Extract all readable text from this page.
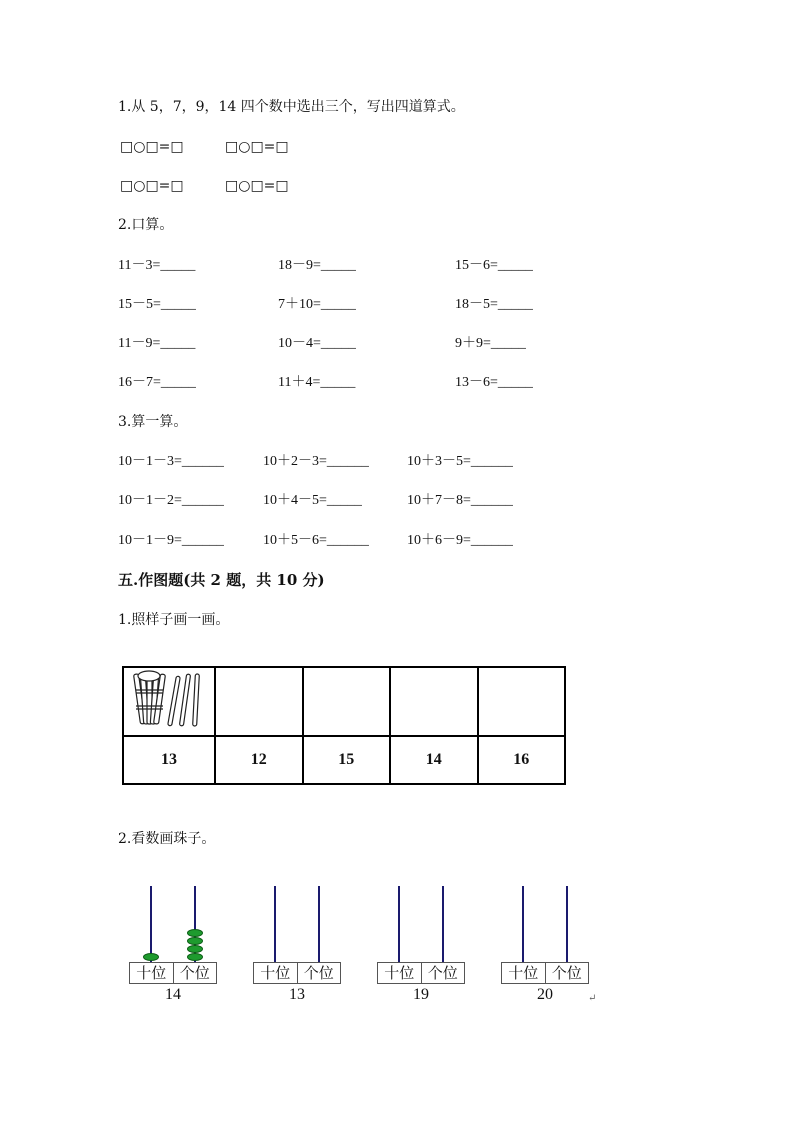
1.从 5，7，9，14 四个数中选出三个，写出四道算式。
□○□=□	□○□=□
□○□=□	□○□=□
2.口算。
11－3=_____	18－9=_____	15－6=_____
15－5=_____	7＋10=_____	18－5=_____
11－9=_____	10－4=_____	9＋9=_____
16－7=_____	11＋4=_____	13－6=_____
3.算一算。
10－1－3=______	10＋2－3=______	10＋3－5=______
10－1－2=______	10＋4－5=_____	10＋7－8=______
10－1－9=______	10＋5－6=______	10＋6－9=______
五.作图题(共 2 题，共 10 分)
1.照样子画一画。

13	12	15	14	16
2.看数画珠子。
十位 个位
14
十位 个位
13
十位 个位
19
十位 个位
20	↵
